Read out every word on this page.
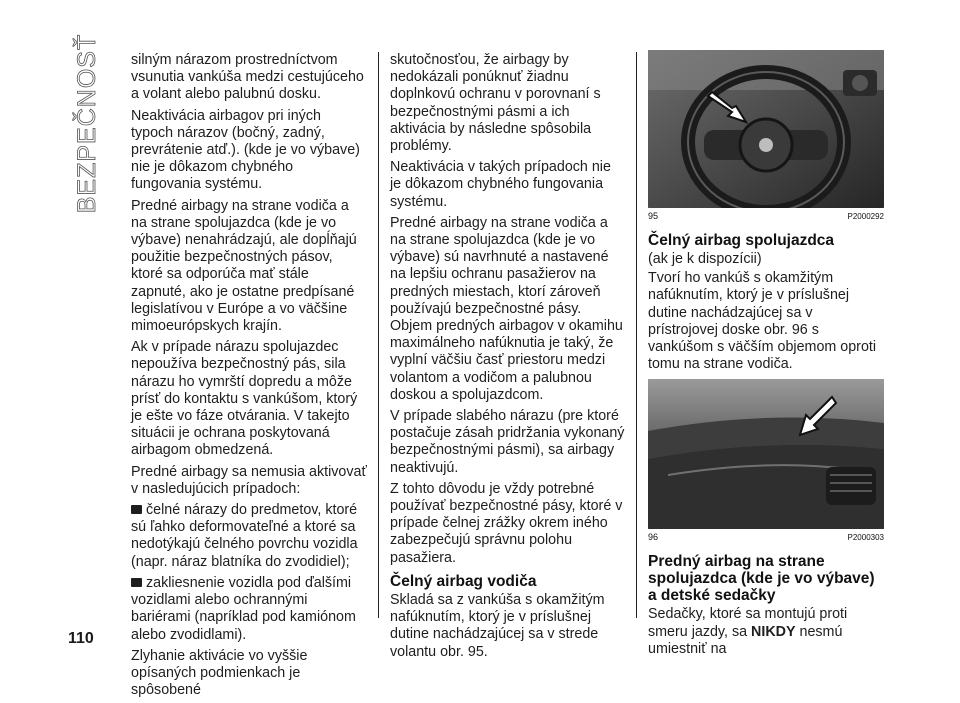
BEZPEČNOSŤ
110

silným nárazom prostredníctvom vsunutia vankúša medzi cestujúceho a volant alebo palubnú dosku.

Neaktivácia airbagov pri iných typoch nárazov (bočný, zadný, prevrátenie atď.). (kde je vo výbave) nie je dôkazom chybného fungovania systému.

Predné airbagy na strane vodiča a na strane spolujazdca (kde je vo výbave) nenahrádzajú, ale dopĺňajú použitie bezpečnostných pásov, ktoré sa odporúča mať stále zapnuté, ako je ostatne predpísané legislatívou v Európe a vo väčšine mimoeurópskych krajín.

Ak v prípade nárazu spolujazdec nepoužíva bezpečnostný pás, sila nárazu ho vymrští dopredu a môže prísť do kontaktu s vankúšom, ktorý je ešte vo fáze otvárania. V takejto situácii je ochrana poskytovaná airbagom obmedzená.

Predné airbagy sa nemusia aktivovať v nasledujúcich prípadoch:

čelné nárazy do predmetov, ktoré sú ľahko deformovateľné a ktoré sa nedotýkajú čelného povrchu vozidla (napr. náraz blatníka do zvodidiel);

zakliesnenie vozidla pod ďalšími vozidlami alebo ochrannými bariérami (napríklad pod kamiónom alebo zvodidlami).

Zlyhanie aktivácie vo vyššie opísaných podmienkach je spôsobené

skutočnosťou, že airbagy by nedokázali ponúknuť žiadnu doplnkovú ochranu v porovnaní s bezpečnostnými pásmi a ich aktivácia by následne spôsobila problémy.

Neaktivácia v takých prípadoch nie je dôkazom chybného fungovania systému.

Predné airbagy na strane vodiča a na strane spolujazdca (kde je vo výbave) sú navrhnuté a nastavené na lepšiu ochranu pasažierov na predných miestach, ktorí zároveň používajú bezpečnostné pásy. Objem predných airbagov v okamihu maximálneho nafúknutia je taký, že vyplní väčšiu časť priestoru medzi volantom a vodičom a palubnou doskou a spolujazdcom.

V prípade slabého nárazu (pre ktoré postačuje zásah pridržania vykonaný bezpečnostnými pásmi), sa airbagy neaktivujú.

Z tohto dôvodu je vždy potrebné používať bezpečnostné pásy, ktoré v prípade čelnej zrážky okrem iného zabezpečujú správnu polohu pasažiera.

Čelný airbag vodiča

Skladá sa z vankúša s okamžitým nafúknutím, ktorý je v príslušnej dutine nachádzajúcej sa v strede volantu obr. 95.

95	P2000292
Čelný airbag spolujazdca

(ak je k dispozícii)

Tvorí ho vankúš s okamžitým nafúknutím, ktorý je v príslušnej dutine nachádzajúcej sa v prístrojovej doske obr. 96 s vankúšom s väčším objemom oproti tomu na strane vodiča.

96	P2000303
Predný airbag na strane spolujazdca (kde je vo výbave) a detské sedačky

Sedačky, ktoré sa montujú proti smeru jazdy, sa NIKDY nesmú umiestniť na
